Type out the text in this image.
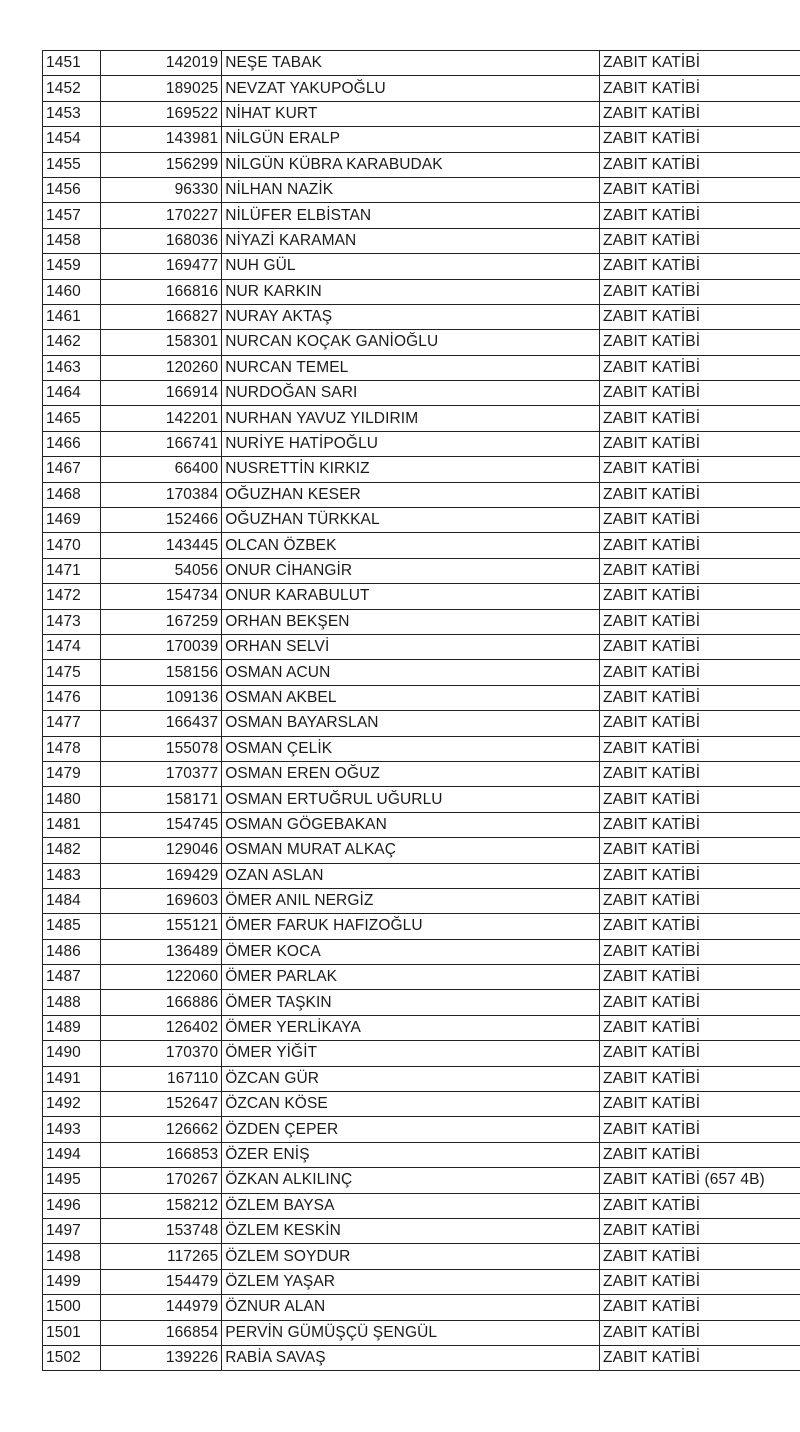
1451	142019	NEŞE TABAK	ZABIT KATİBİ
1452	189025	NEVZAT YAKUPOĞLU	ZABIT KATİBİ
1453	169522	NİHAT KURT	ZABIT KATİBİ
1454	143981	NİLGÜN ERALP	ZABIT KATİBİ
1455	156299	NİLGÜN KÜBRA KARABUDAK	ZABIT KATİBİ
1456	96330	NİLHAN NAZİK	ZABIT KATİBİ
1457	170227	NİLÜFER ELBİSTAN	ZABIT KATİBİ
1458	168036	NİYAZİ KARAMAN	ZABIT KATİBİ
1459	169477	NUH GÜL	ZABIT KATİBİ
1460	166816	NUR KARKIN	ZABIT KATİBİ
1461	166827	NURAY AKTAŞ	ZABIT KATİBİ
1462	158301	NURCAN KOÇAK GANİOĞLU	ZABIT KATİBİ
1463	120260	NURCAN TEMEL	ZABIT KATİBİ
1464	166914	NURDOĞAN SARI	ZABIT KATİBİ
1465	142201	NURHAN YAVUZ YILDIRIM	ZABIT KATİBİ
1466	166741	NURİYE HATİPOĞLU	ZABIT KATİBİ
1467	66400	NUSRETTİN KIRKIZ	ZABIT KATİBİ
1468	170384	OĞUZHAN KESER	ZABIT KATİBİ
1469	152466	OĞUZHAN TÜRKKAL	ZABIT KATİBİ
1470	143445	OLCAN ÖZBEK	ZABIT KATİBİ
1471	54056	ONUR CİHANGİR	ZABIT KATİBİ
1472	154734	ONUR KARABULUT	ZABIT KATİBİ
1473	167259	ORHAN BEKŞEN	ZABIT KATİBİ
1474	170039	ORHAN SELVİ	ZABIT KATİBİ
1475	158156	OSMAN ACUN	ZABIT KATİBİ
1476	109136	OSMAN AKBEL	ZABIT KATİBİ
1477	166437	OSMAN BAYARSLAN	ZABIT KATİBİ
1478	155078	OSMAN ÇELİK	ZABIT KATİBİ
1479	170377	OSMAN EREN OĞUZ	ZABIT KATİBİ
1480	158171	OSMAN ERTUĞRUL UĞURLU	ZABIT KATİBİ
1481	154745	OSMAN GÖGEBAKAN	ZABIT KATİBİ
1482	129046	OSMAN MURAT ALKAÇ	ZABIT KATİBİ
1483	169429	OZAN ASLAN	ZABIT KATİBİ
1484	169603	ÖMER ANIL NERGİZ	ZABIT KATİBİ
1485	155121	ÖMER FARUK HAFIZOĞLU	ZABIT KATİBİ
1486	136489	ÖMER KOCA	ZABIT KATİBİ
1487	122060	ÖMER PARLAK	ZABIT KATİBİ
1488	166886	ÖMER TAŞKIN	ZABIT KATİBİ
1489	126402	ÖMER YERLİKAYA	ZABIT KATİBİ
1490	170370	ÖMER YİĞİT	ZABIT KATİBİ
1491	167110	ÖZCAN GÜR	ZABIT KATİBİ
1492	152647	ÖZCAN KÖSE	ZABIT KATİBİ
1493	126662	ÖZDEN ÇEPER	ZABIT KATİBİ
1494	166853	ÖZER ENİŞ	ZABIT KATİBİ
1495	170267	ÖZKAN ALKILINÇ	ZABIT KATİBİ (657 4B)
1496	158212	ÖZLEM BAYSA	ZABIT KATİBİ
1497	153748	ÖZLEM KESKİN	ZABIT KATİBİ
1498	117265	ÖZLEM SOYDUR	ZABIT KATİBİ
1499	154479	ÖZLEM YAŞAR	ZABIT KATİBİ
1500	144979	ÖZNUR ALAN	ZABIT KATİBİ
1501	166854	PERVİN GÜMÜŞÇÜ ŞENGÜL	ZABIT KATİBİ
1502	139226	RABİA SAVAŞ	ZABIT KATİBİ
